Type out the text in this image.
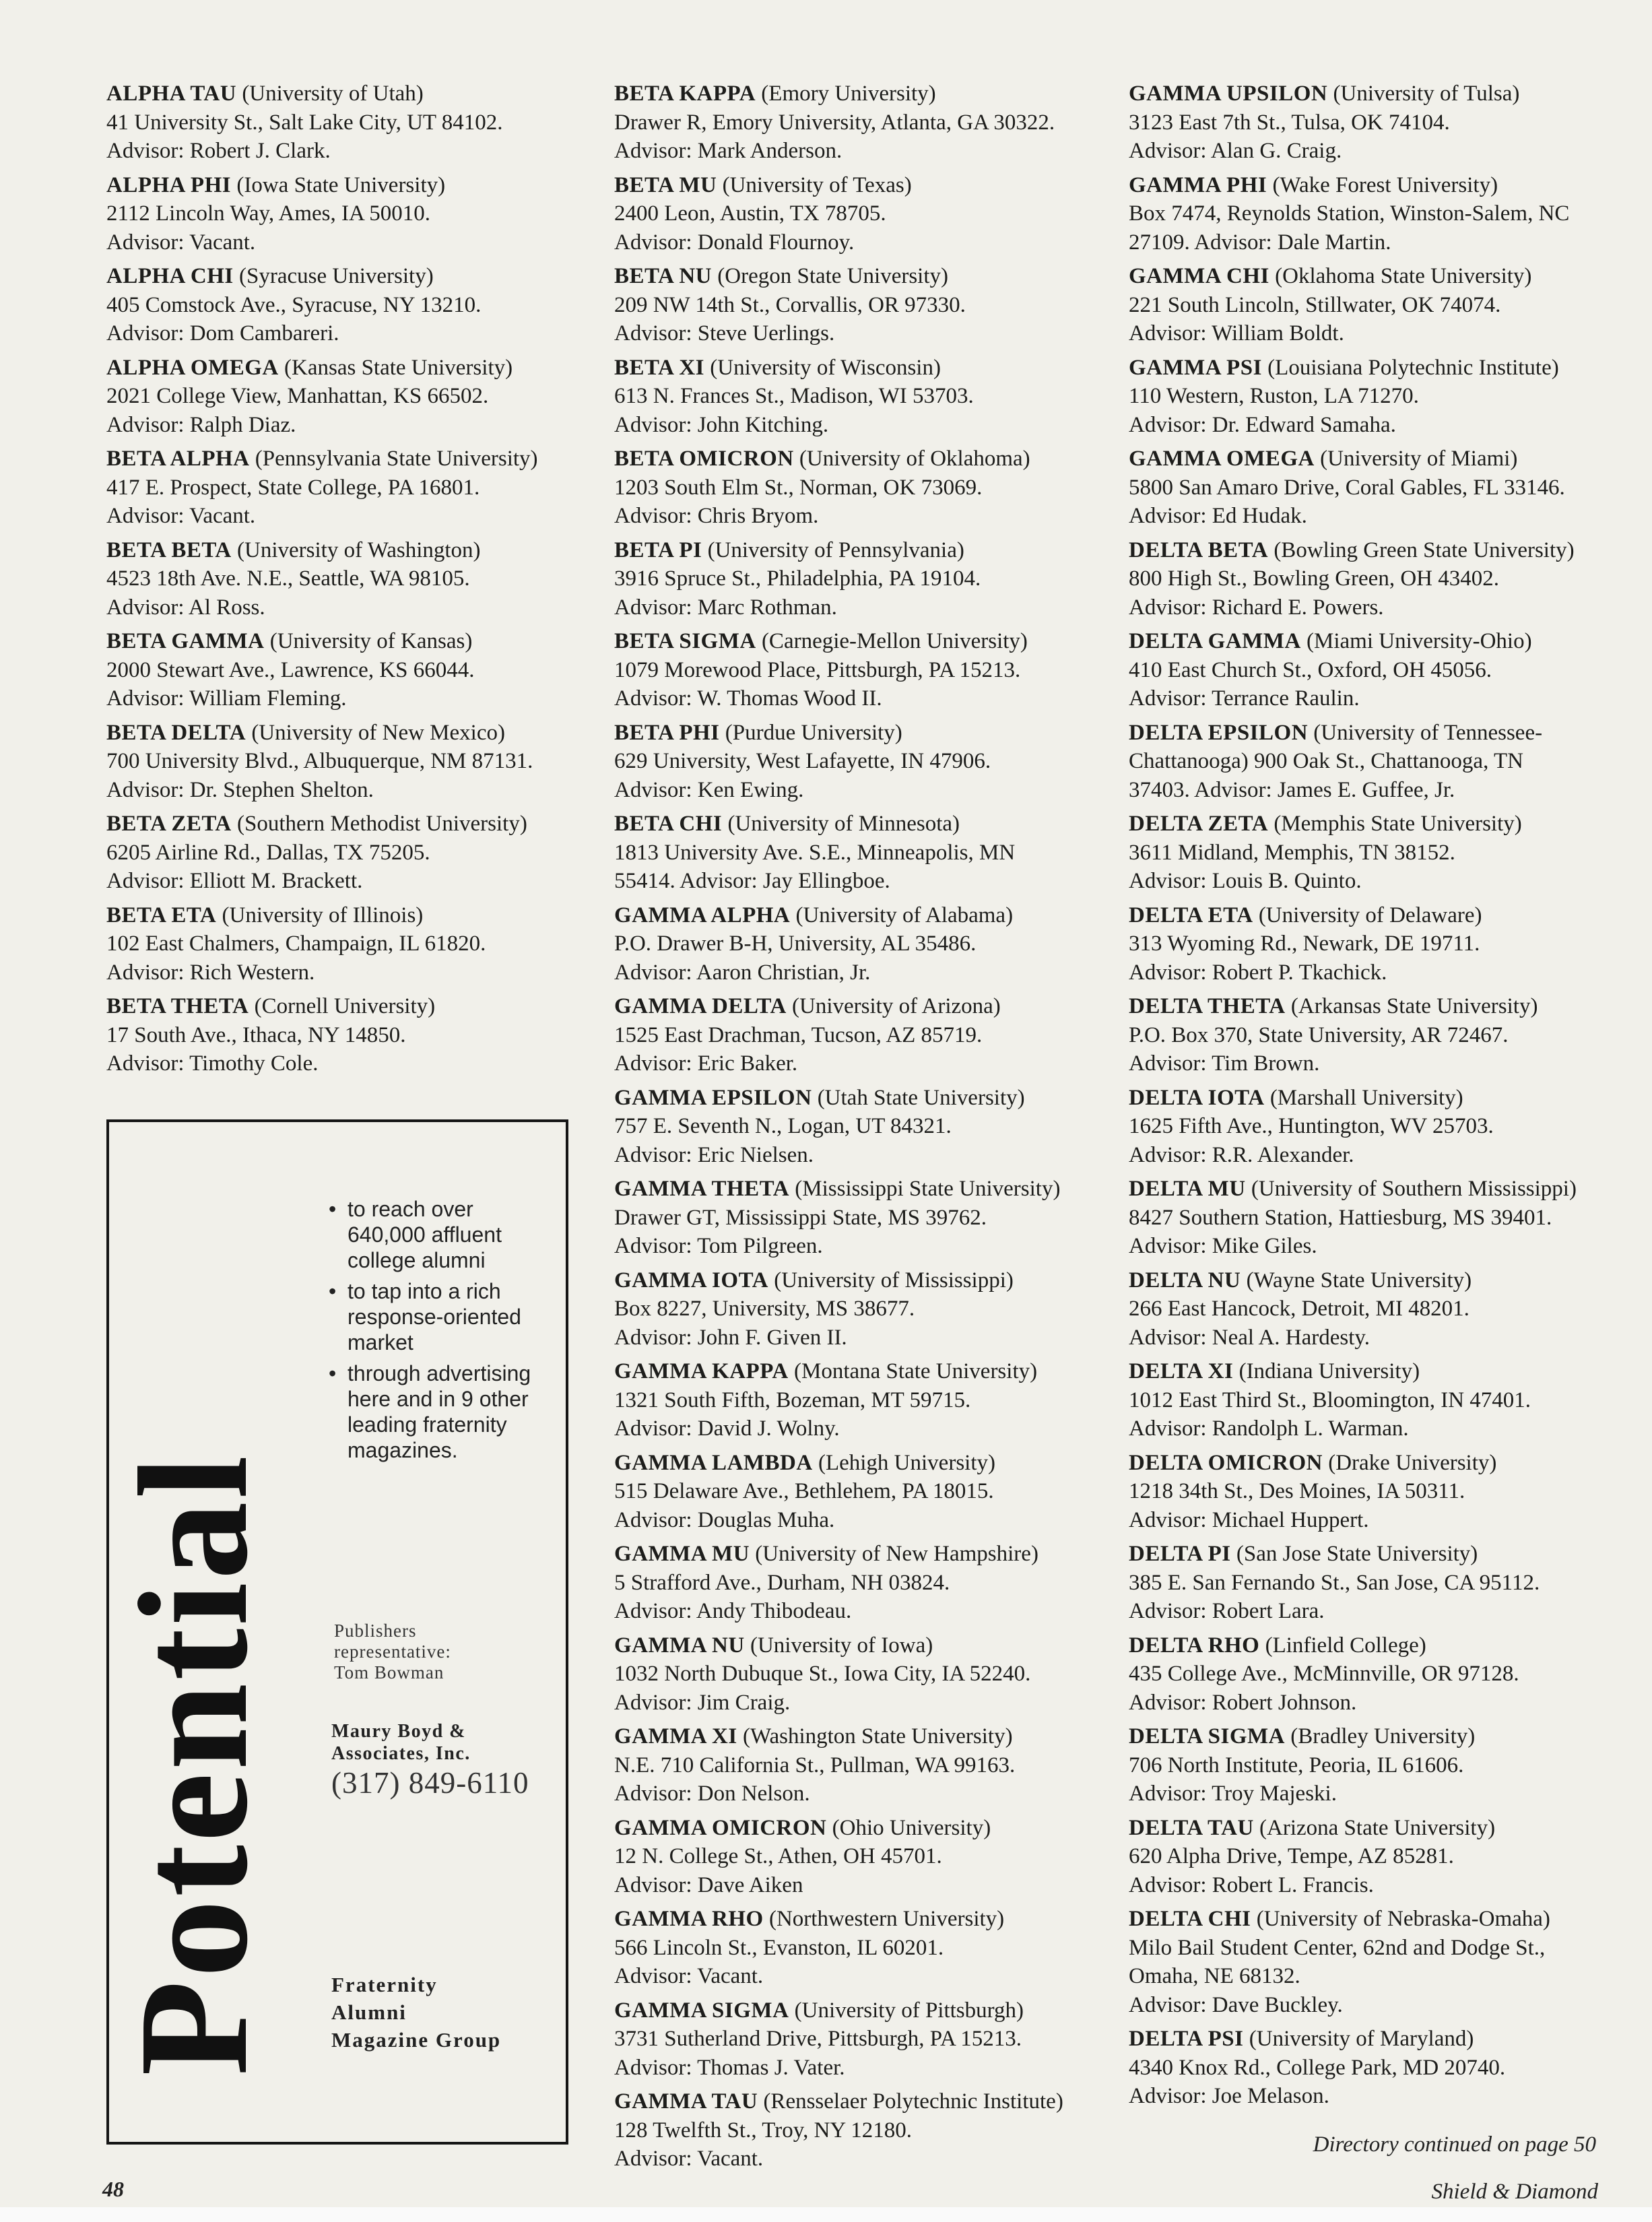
ALPHA TAU (University of Utah)
41 University St., Salt Lake City, UT 84102.
Advisor: Robert J. Clark.
ALPHA PHI (Iowa State University)
2112 Lincoln Way, Ames, IA 50010.
Advisor: Vacant.
ALPHA CHI (Syracuse University)
405 Comstock Ave., Syracuse, NY 13210.
Advisor: Dom Cambareri.
ALPHA OMEGA (Kansas State University)
2021 College View, Manhattan, KS 66502.
Advisor: Ralph Diaz.
BETA ALPHA (Pennsylvania State University)
417 E. Prospect, State College, PA 16801.
Advisor: Vacant.
BETA BETA (University of Washington)
4523 18th Ave. N.E., Seattle, WA 98105.
Advisor: Al Ross.
BETA GAMMA (University of Kansas)
2000 Stewart Ave., Lawrence, KS 66044.
Advisor: William Fleming.
BETA DELTA (University of New Mexico)
700 University Blvd., Albuquerque, NM 87131.
Advisor: Dr. Stephen Shelton.
BETA ZETA (Southern Methodist University)
6205 Airline Rd., Dallas, TX 75205.
Advisor: Elliott M. Brackett.
BETA ETA (University of Illinois)
102 East Chalmers, Champaign, IL 61820.
Advisor: Rich Western.
BETA THETA (Cornell University)
17 South Ave., Ithaca, NY 14850.
Advisor: Timothy Cole.
BETA KAPPA (Emory University)
Drawer R, Emory University, Atlanta, GA 30322.
Advisor: Mark Anderson.
BETA MU (University of Texas)
2400 Leon, Austin, TX 78705.
Advisor: Donald Flournoy.
BETA NU (Oregon State University)
209 NW 14th St., Corvallis, OR 97330.
Advisor: Steve Uerlings.
BETA XI (University of Wisconsin)
613 N. Frances St., Madison, WI 53703.
Advisor: John Kitching.
BETA OMICRON (University of Oklahoma)
1203 South Elm St., Norman, OK 73069.
Advisor: Chris Bryom.
BETA PI (University of Pennsylvania)
3916 Spruce St., Philadelphia, PA 19104.
Advisor: Marc Rothman.
BETA SIGMA (Carnegie-Mellon University)
1079 Morewood Place, Pittsburgh, PA 15213.
Advisor: W. Thomas Wood II.
BETA PHI (Purdue University)
629 University, West Lafayette, IN 47906.
Advisor: Ken Ewing.
BETA CHI (University of Minnesota)
1813 University Ave. S.E., Minneapolis, MN
55414. Advisor: Jay Ellingboe.
GAMMA ALPHA (University of Alabama)
P.O. Drawer B-H, University, AL 35486.
Advisor: Aaron Christian, Jr.
GAMMA DELTA (University of Arizona)
1525 East Drachman, Tucson, AZ 85719.
Advisor: Eric Baker.
GAMMA EPSILON (Utah State University)
757 E. Seventh N., Logan, UT 84321.
Advisor: Eric Nielsen.
GAMMA THETA (Mississippi State University)
Drawer GT, Mississippi State, MS 39762.
Advisor: Tom Pilgreen.
GAMMA IOTA (University of Mississippi)
Box 8227, University, MS 38677.
Advisor: John F. Given II.
GAMMA KAPPA (Montana State University)
1321 South Fifth, Bozeman, MT 59715.
Advisor: David J. Wolny.
GAMMA LAMBDA (Lehigh University)
515 Delaware Ave., Bethlehem, PA 18015.
Advisor: Douglas Muha.
GAMMA MU (University of New Hampshire)
5 Strafford Ave., Durham, NH 03824.
Advisor: Andy Thibodeau.
GAMMA NU (University of Iowa)
1032 North Dubuque St., Iowa City, IA 52240.
Advisor: Jim Craig.
GAMMA XI (Washington State University)
N.E. 710 California St., Pullman, WA 99163.
Advisor: Don Nelson.
GAMMA OMICRON (Ohio University)
12 N. College St., Athen, OH 45701.
Advisor: Dave Aiken
GAMMA RHO (Northwestern University)
566 Lincoln St., Evanston, IL 60201.
Advisor: Vacant.
GAMMA SIGMA (University of Pittsburgh)
3731 Sutherland Drive, Pittsburgh, PA 15213.
Advisor: Thomas J. Vater.
GAMMA TAU (Rensselaer Polytechnic Institute)
128 Twelfth St., Troy, NY 12180.
Advisor: Vacant.
GAMMA UPSILON (University of Tulsa)
3123 East 7th St., Tulsa, OK 74104.
Advisor: Alan G. Craig.
GAMMA PHI (Wake Forest University)
Box 7474, Reynolds Station, Winston-Salem, NC
27109. Advisor: Dale Martin.
GAMMA CHI (Oklahoma State University)
221 South Lincoln, Stillwater, OK 74074.
Advisor: William Boldt.
GAMMA PSI (Louisiana Polytechnic Institute)
110 Western, Ruston, LA 71270.
Advisor: Dr. Edward Samaha.
GAMMA OMEGA (University of Miami)
5800 San Amaro Drive, Coral Gables, FL 33146.
Advisor: Ed Hudak.
DELTA BETA (Bowling Green State University)
800 High St., Bowling Green, OH 43402.
Advisor: Richard E. Powers.
DELTA GAMMA (Miami University-Ohio)
410 East Church St., Oxford, OH 45056.
Advisor: Terrance Raulin.
DELTA EPSILON (University of Tennessee-
Chattanooga) 900 Oak St., Chattanooga, TN
37403. Advisor: James E. Guffee, Jr.
DELTA ZETA (Memphis State University)
3611 Midland, Memphis, TN 38152.
Advisor: Louis B. Quinto.
DELTA ETA (University of Delaware)
313 Wyoming Rd., Newark, DE 19711.
Advisor: Robert P. Tkachick.
DELTA THETA (Arkansas State University)
P.O. Box 370, State University, AR 72467.
Advisor: Tim Brown.
DELTA IOTA (Marshall University)
1625 Fifth Ave., Huntington, WV 25703.
Advisor: R.R. Alexander.
DELTA MU (University of Southern Mississippi)
8427 Southern Station, Hattiesburg, MS 39401.
Advisor: Mike Giles.
DELTA NU (Wayne State University)
266 East Hancock, Detroit, MI 48201.
Advisor: Neal A. Hardesty.
DELTA XI (Indiana University)
1012 East Third St., Bloomington, IN 47401.
Advisor: Randolph L. Warman.
DELTA OMICRON (Drake University)
1218 34th St., Des Moines, IA 50311.
Advisor: Michael Huppert.
DELTA PI (San Jose State University)
385 E. San Fernando St., San Jose, CA 95112.
Advisor: Robert Lara.
DELTA RHO (Linfield College)
435 College Ave., McMinnville, OR 97128.
Advisor: Robert Johnson.
DELTA SIGMA (Bradley University)
706 North Institute, Peoria, IL 61606.
Advisor: Troy Majeski.
DELTA TAU (Arizona State University)
620 Alpha Drive, Tempe, AZ 85281.
Advisor: Robert L. Francis.
DELTA CHI (University of Nebraska-Omaha)
Milo Bail Student Center, 62nd and Dodge St.,
Omaha, NE 68132.
Advisor: Dave Buckley.
DELTA PSI (University of Maryland)
4340 Knox Rd., College Park, MD 20740.
Advisor: Joe Melason.
Potential
• to reach over 640,000 affluent college alumni
• to tap into a rich response-oriented market
• through advertising here and in 9 other leading fraternity magazines.
Publishers
representative:
Tom Bowman
Maury Boyd &
Associates, Inc.
(317) 849-6110
Fraternity
Alumni
Magazine Group
Directory continued on page 50
48	Shield & Diamond
